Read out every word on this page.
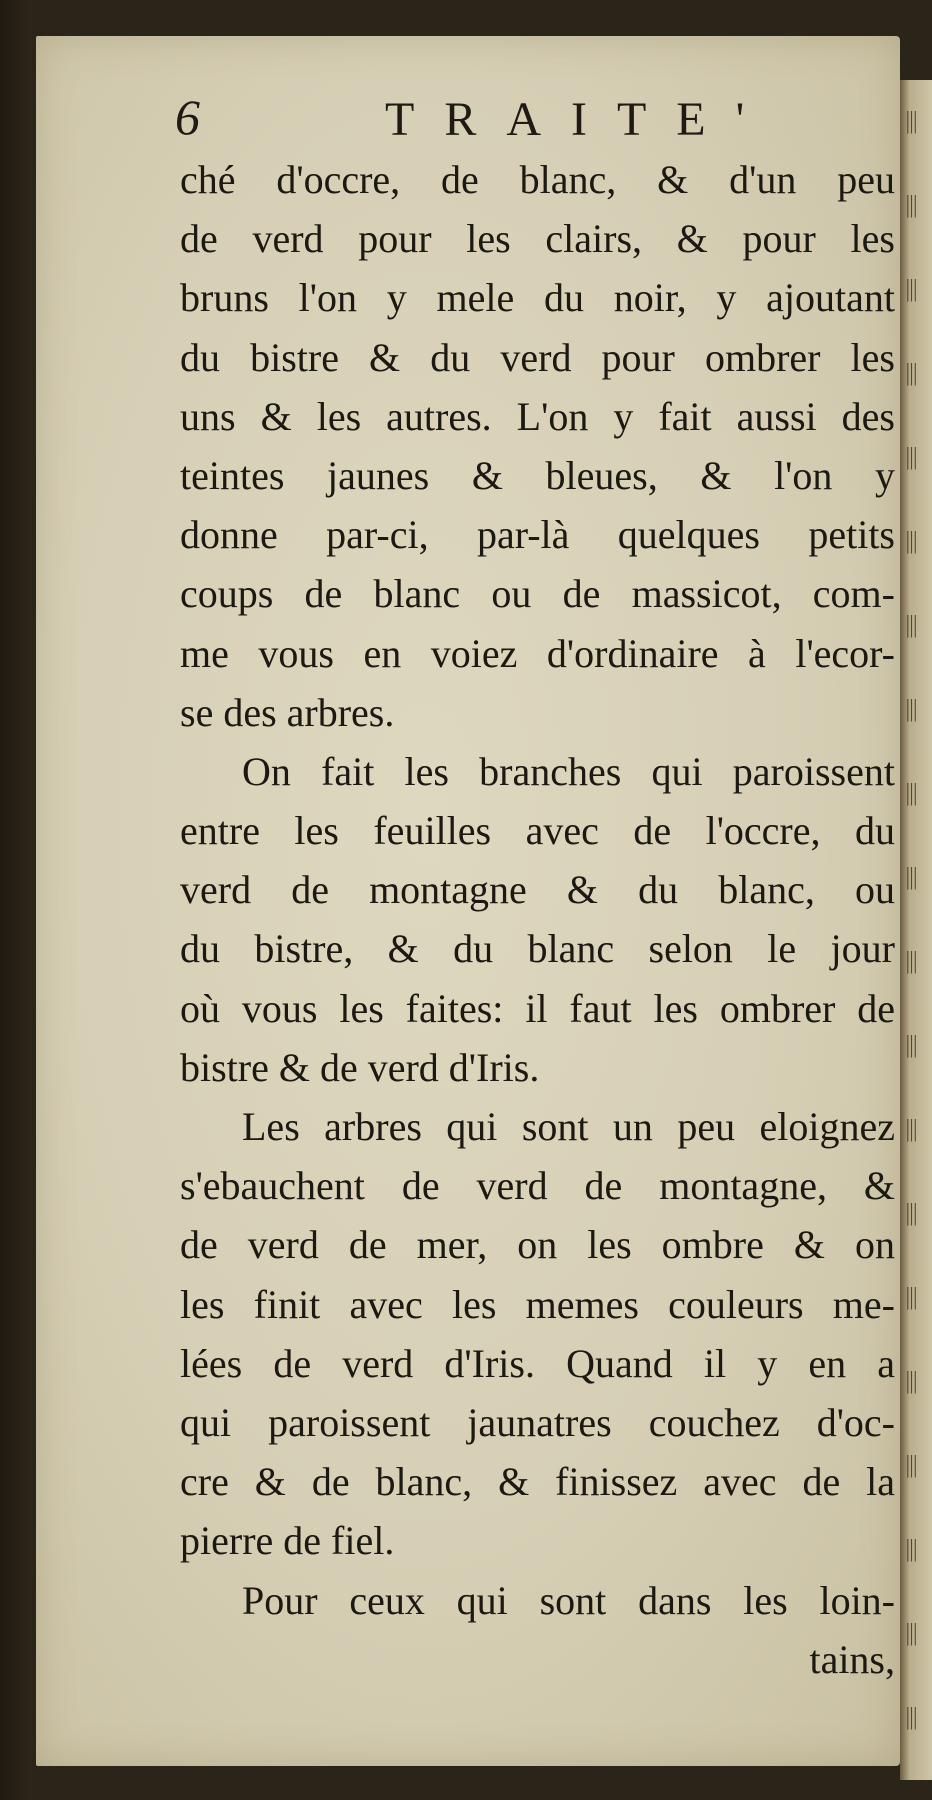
|||
|||
|||
|||
|||
|||
|||
|||
|||
|||
|||
|||
|||
|||
|||
|||
|||
|||
|||
|||
6	TRAITE'
ché d'occre, de blanc, & d'un peu
de verd pour les clairs, & pour les
bruns l'on y mele du noir, y ajoutant
du bistre & du verd pour ombrer les
uns & les autres. L'on y fait aussi des
teintes jaunes & bleues, & l'on y
donne par-ci, par-là quelques petits
coups de blanc ou de massicot, com-
me vous en voiez d'ordinaire à l'ecor-
se des arbres.
On fait les branches qui paroissent
entre les feuilles avec de l'occre, du
verd de montagne & du blanc, ou
du bistre, & du blanc selon le jour
où vous les faites: il faut les ombrer de
bistre & de verd d'Iris.
Les arbres qui sont un peu eloignez
s'ebauchent de verd de montagne, &
de verd de mer, on les ombre & on
les finit avec les memes couleurs me-
lées de verd d'Iris. Quand il y en a
qui paroissent jaunatres couchez d'oc-
cre & de blanc, & finissez avec de la
pierre de fiel.
Pour ceux qui sont dans les loin-
tains,
